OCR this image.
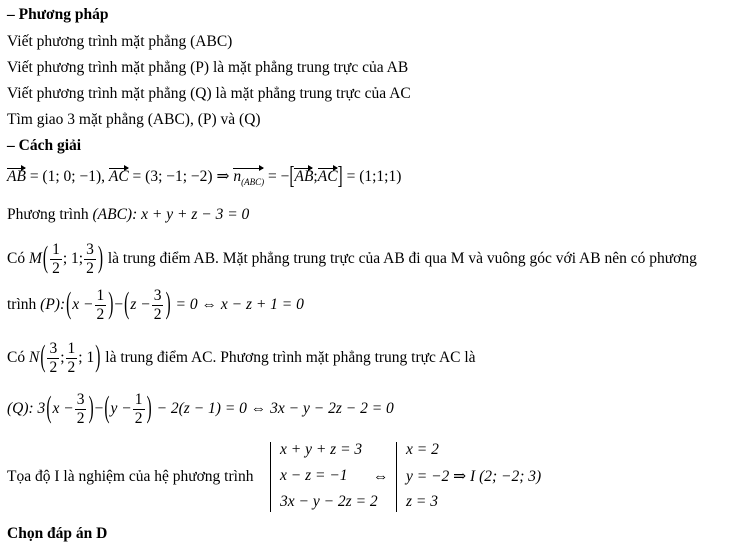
– Phương pháp
Viết phương trình mặt phẳng (ABC)
Viết phương trình mặt phẳng (P) là mặt phẳng trung trực của AB
Viết phương trình mặt phẳng (Q) là mặt phẳng trung trực của AC
Tìm giao 3 mặt phẳng (ABC), (P) và (Q)
– Cách giải
AB = (1; 0; −1), AC = (3; −1; −2) ⇒ $n_{(ABC)}$ = −[AB;AC] = (1;1;1)
Phương trình (ABC): x + y + z − 3 = 0
Có $M( \frac{1}{2}$ ; 1; $\frac{3}{2}$ ) là trung điểm AB. Mặt phẳng trung trực của AB đi qua M và vuông góc với AB nên có phương
trình (P):(x − $\frac{1}{2} )-(z - \frac{3}{2}$ ) = 0 ⇔ x − z + 1 = 0
Có $N( \frac{3}{2}$ ; $\frac{1}{2}$ ; 1) là trung điểm AC. Phương trình mặt phẳng trung trực AC là
(Q): $3(x - \frac{3}{2} )-(y - \frac{1}{2}$ ) − 2(z − 1) = 0 ⇔ 3x − y − 2z − 2 = 0
Tọa độ I là nghiệm của hệ phương trình
x + y + z = 3
x − z = −1
3x − y − 2z = 2
⇔
x = 2
y = −2 ⇒ I (2; −2; 3)
z = 3
Chọn đáp án D
